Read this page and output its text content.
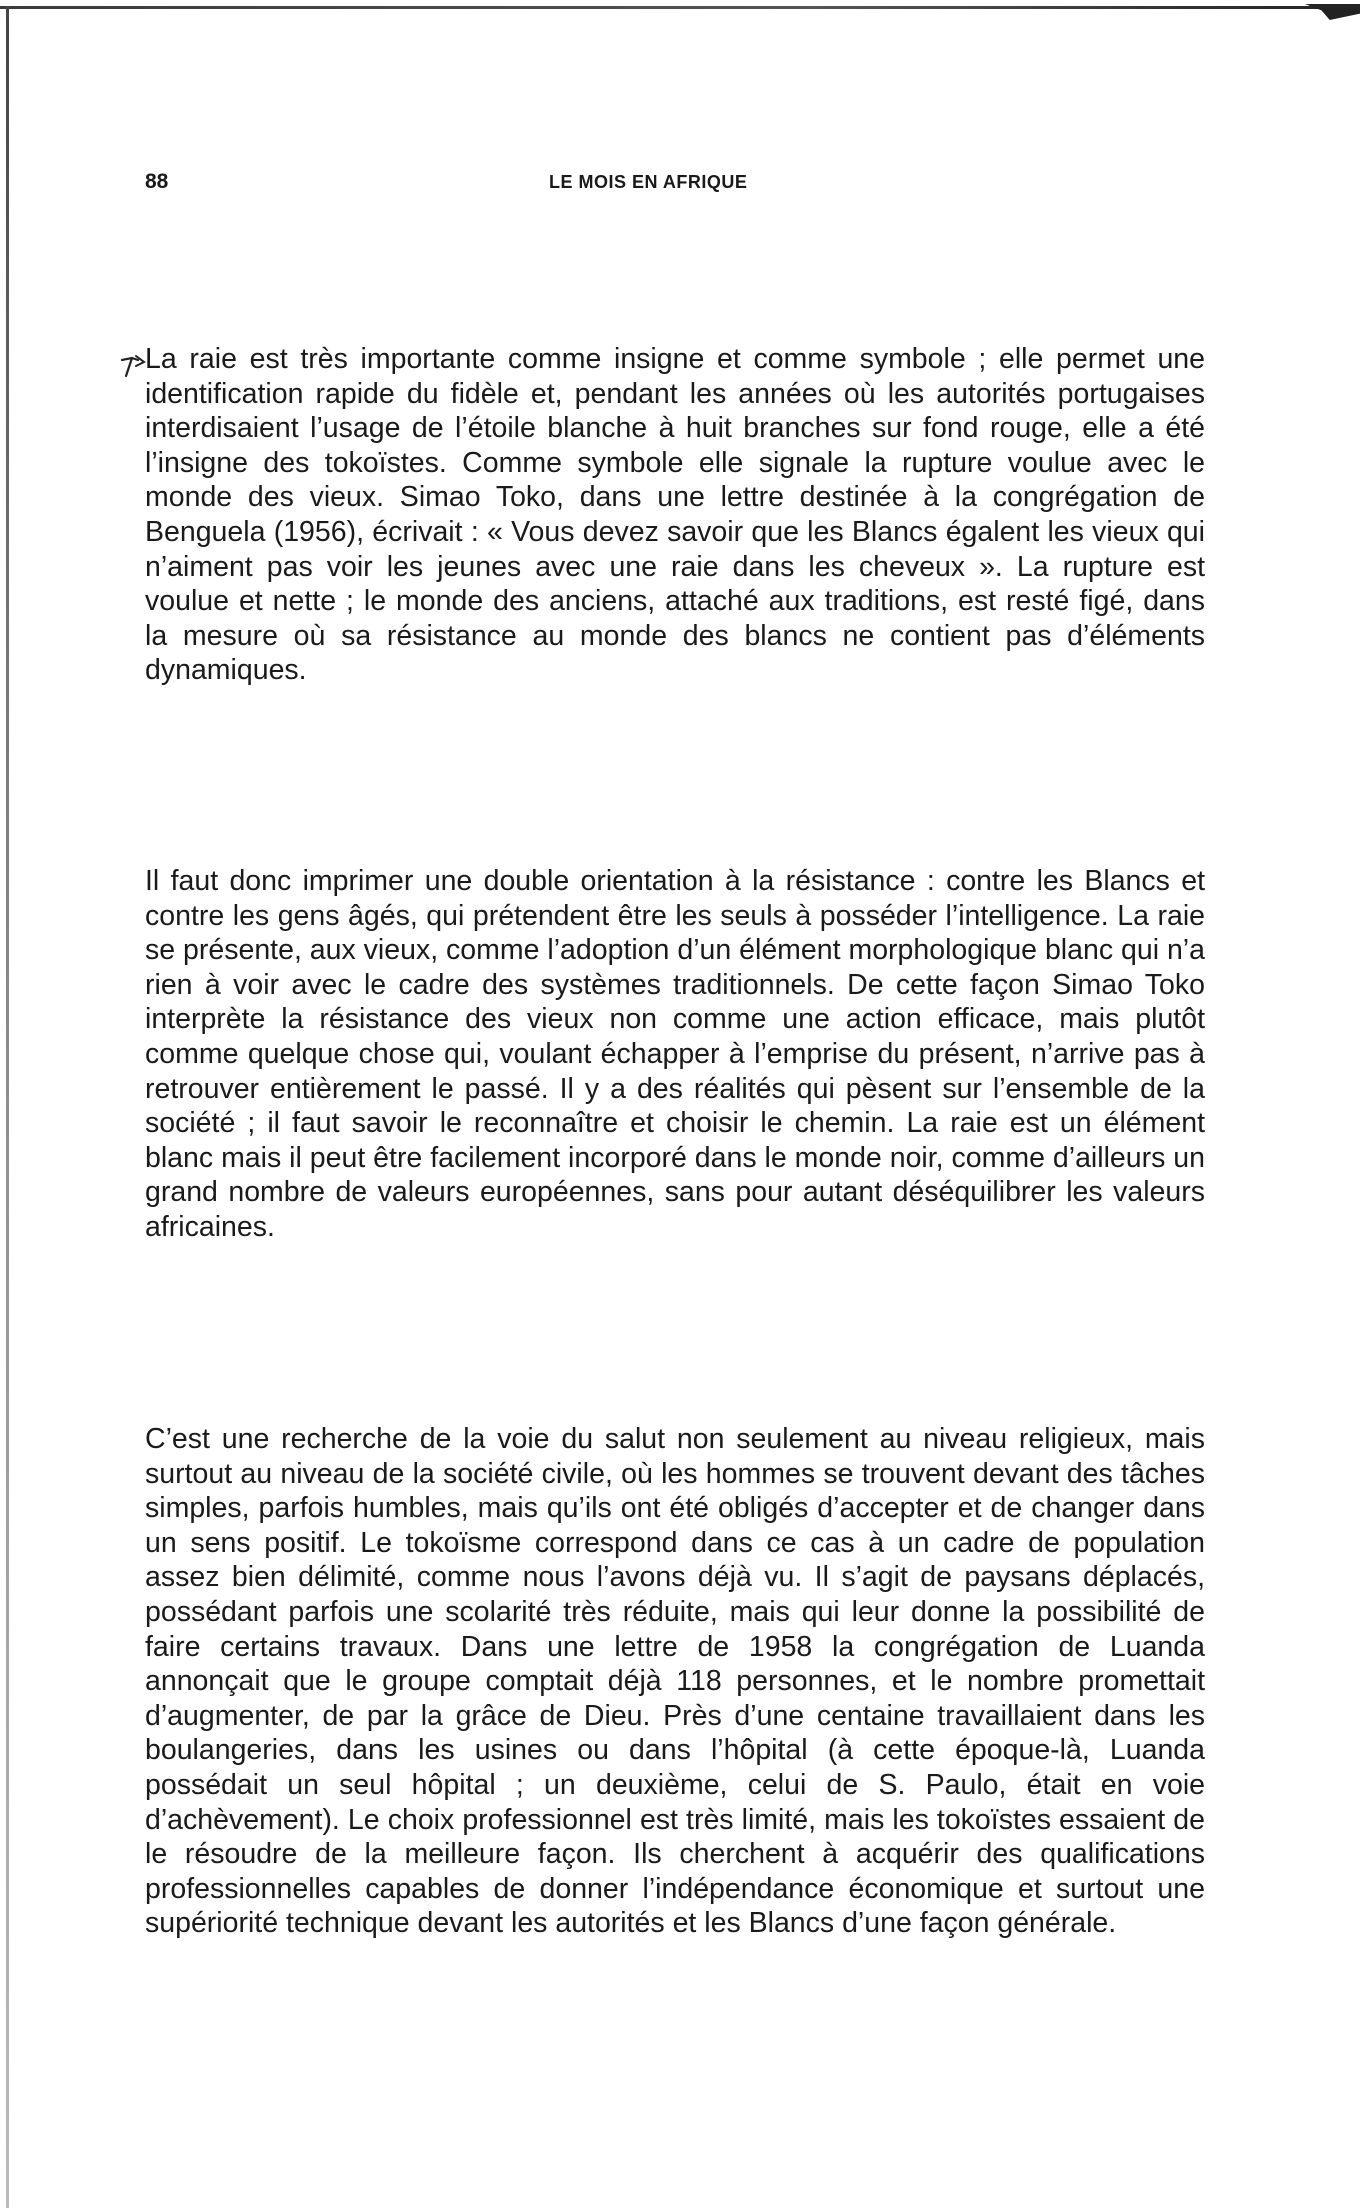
88	LE MOIS EN AFRIQUE

La raie est très importante comme insigne et comme symbole ; elle permet une identification rapide du fidèle et, pendant les années où les autorités portugaises interdisaient l’usage de l’étoile blanche à huit branches sur fond rouge, elle a été l’insigne des tokoïstes. Comme symbole elle signale la rupture voulue avec le monde des vieux. Simao Toko, dans une lettre destinée à la congrégation de Benguela (1956), écrivait : « Vous devez savoir que les Blancs égalent les vieux qui n’aiment pas voir les jeunes avec une raie dans les cheveux ». La rupture est voulue et nette ; le monde des anciens, attaché aux traditions, est resté figé, dans la mesure où sa résistance au monde des blancs ne contient pas d’éléments dynamiques.

Il faut donc imprimer une double orientation à la résistance : contre les Blancs et contre les gens âgés, qui prétendent être les seuls à posséder l’intelligence. La raie se présente, aux vieux, comme l’adoption d’un élément morphologique blanc qui n’a rien à voir avec le cadre des systèmes traditionnels. De cette façon Simao Toko interprète la résistance des vieux non comme une action efficace, mais plutôt comme quelque chose qui, voulant échapper à l’emprise du présent, n’arrive pas à retrouver entièrement le passé. Il y a des réalités qui pèsent sur l’ensemble de la société ; il faut savoir le reconnaître et choisir le chemin. La raie est un élément blanc mais il peut être facilement incorporé dans le monde noir, comme d’ailleurs un grand nombre de valeurs européennes, sans pour autant déséquilibrer les valeurs africaines.

C’est une recherche de la voie du salut non seulement au niveau religieux, mais surtout au niveau de la société civile, où les hommes se trouvent devant des tâches simples, parfois humbles, mais qu’ils ont été obligés d’accepter et de changer dans un sens positif. Le tokoïsme correspond dans ce cas à un cadre de population assez bien délimité, comme nous l’avons déjà vu. Il s’agit de paysans déplacés, possédant parfois une scolarité très réduite, mais qui leur donne la possibilité de faire certains travaux. Dans une lettre de 1958 la congrégation de Luanda annonçait que le groupe comptait déjà 118 personnes, et le nombre promettait d’augmenter, de par la grâce de Dieu. Près d’une centaine travaillaient dans les boulangeries, dans les usines ou dans l’hôpital (à cette époque-là, Luanda possédait un seul hôpital ; un deuxième, celui de S. Paulo, était en voie d’achèvement). Le choix professionnel est très limité, mais les tokoïstes essaient de le résoudre de la meilleure façon. Ils cherchent à acquérir des qualifications professionnelles capables de donner l’indépendance économique et surtout une supériorité technique devant les autorités et les Blancs d’une façon générale.
